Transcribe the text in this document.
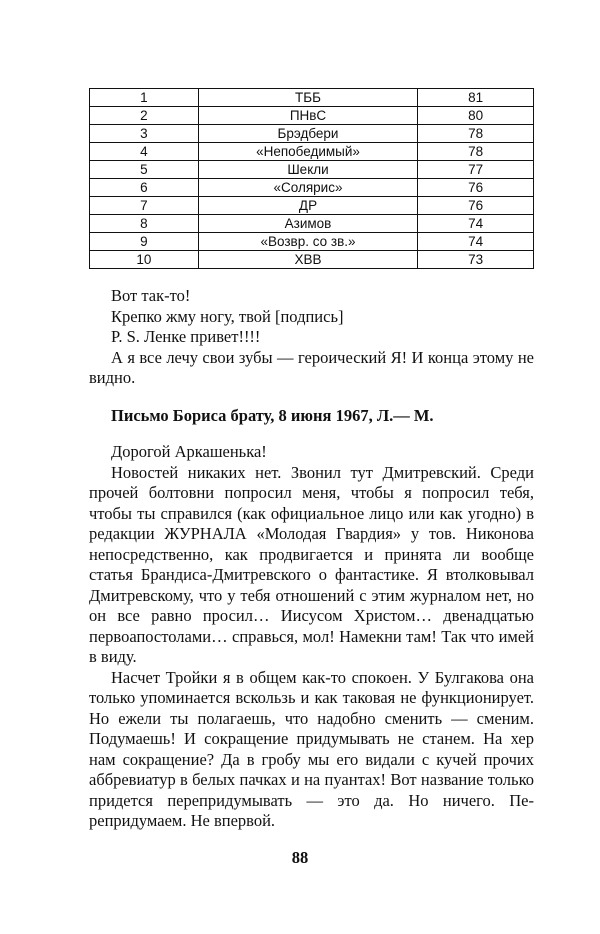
1	ТББ	81
2	ПНвС	80
3	Брэдбери	78
4	«Непобедимый»	78
5	Шекли	77
6	«Солярис»	76
7	ДР	76
8	Азимов	74
9	«Возвр. со зв.»	74
10	ХВВ	73

Вот так-то!

Крепко жму ногу, твой [подпись]

P. S. Ленке привет!!!!

А я все лечу свои зубы — героический Я! И конца этому не видно.

Письмо Бориса брату, 8 июня 1967, Л.— М.

Дорогой Аркашенька!

Новостей никаких нет. Звонил тут Дмитревский. Среди прочей болтовни попросил меня, чтобы я попросил тебя, чтобы ты справился (как официальное лицо или как угодно) в редакции ЖУРНАЛА «Молодая Гвардия» у тов. Никонова непосредственно, как продвигается и принята ли вообще статья Брандиса-Дмитревского о фантастике. Я втолковывал Дмитревскому, что у тебя отношений с этим журналом нет, но он все равно просил… Иисусом Христом… двенадцатью первоапостолами… справься, мол! Намекни там! Так что имей в виду.

Насчет Тройки я в общем как-то спокоен. У Булгакова она только упоминается вскользь и как таковая не функционирует. Но ежели ты полагаешь, что надобно сменить — сменим. Подумаешь! И сокращение придумывать не станем. На хер нам сокращение? Да в гробу мы его видали с кучей прочих аббревиатур в белых пачках и на пуантах! Вот название только придется перепридумывать — это да. Но ничего. Перепридумаем. Не впервой.

88
